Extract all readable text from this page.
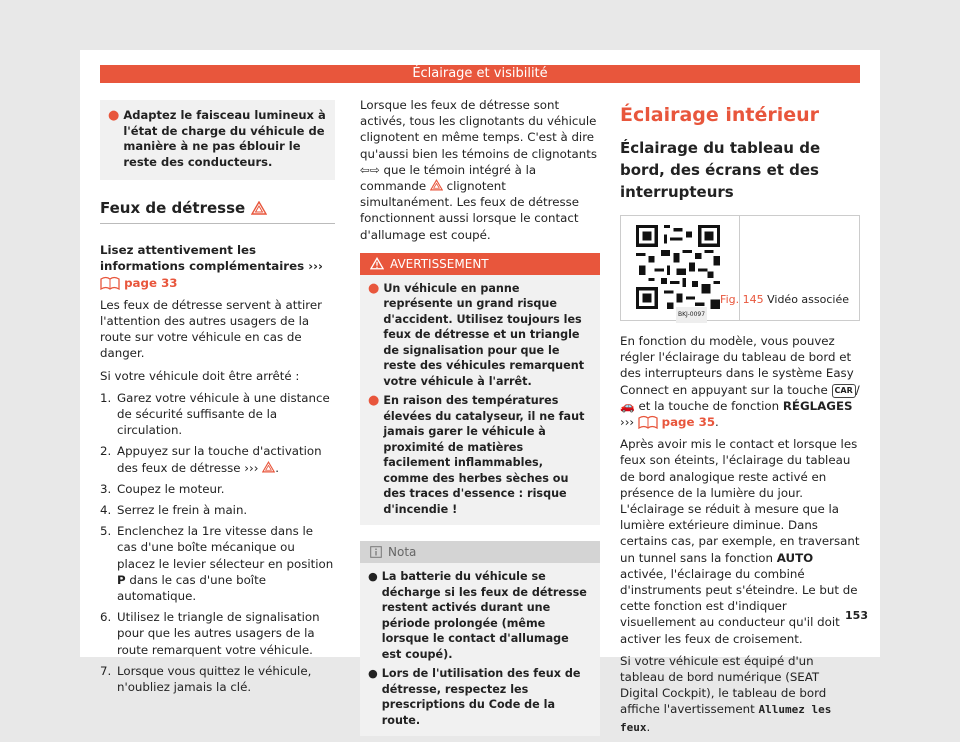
Éclairage et visibilité
● Adaptez le faisceau lumineux à l'état de charge du véhicule de manière à ne pas éblouir le reste des conducteurs.
Feux de détresse

Lisez attentivement les informations complémentaires ›››  page 33

Les feux de détresse servent à attirer l'attention des autres usagers de la route sur votre véhicule en cas de danger.

Si votre véhicule doit être arrêté :

1. Garez votre véhicule à une distance de sécurité suffisante de la circulation.
2. Appuyez sur la touche d'activation des feux de détresse ››› .
3. Coupez le moteur.
4. Serrez le frein à main.
5. Enclenchez la 1re vitesse dans le cas d'une boîte mécanique ou placez le levier sélecteur en position P dans le cas d'une boîte automatique.
6. Utilisez le triangle de signalisation pour que les autres usagers de la route remarquent votre véhicule.
7. Lorsque vous quittez le véhicule, n'oubliez jamais la clé.

Lorsque les feux de détresse sont activés, tous les clignotants du véhicule clignotent en même temps. C'est à dire qu'aussi bien les témoins de clignotants ⇦⇨ que le témoin intégré à la commande clignotent simultanément. Les feux de détresse fonctionnent aussi lorsque le contact d'allumage est coupé.

AVERTISSEMENT
● Un véhicule en panne représente un grand risque d'accident. Utilisez toujours les feux de détresse et un triangle de signalisation pour que le reste des véhicules remarquent votre véhicule à l'arrêt.
● En raison des températures élevées du catalyseur, il ne faut jamais garer le véhicule à proximité de matières facilement inflammables, comme des herbes sèches ou des traces d'essence : risque d'incendie !
Nota
● La batterie du véhicule se décharge si les feux de détresse restent activés durant une période prolongée (même lorsque le contact d'allumage est coupé).
● Lors de l'utilisation des feux de détresse, respectez les prescriptions du Code de la route.
Éclairage intérieur
Éclairage du tableau de bord, des écrans et des interrupteurs
BKJ-0097
Fig. 145 Vidéo associée

En fonction du modèle, vous pouvez régler l'éclairage du tableau de bord et des interrupteurs dans le système Easy Connect en appuyant sur la touche CAR / 🚗 et la touche de fonction RÉGLAGES ››› page 35.

Après avoir mis le contact et lorsque les feux son éteints, l'éclairage du tableau de bord analogique reste activé en présence de la lumière du jour. L'éclairage se réduit à mesure que la lumière extérieure diminue. Dans certains cas, par exemple, en traversant un tunnel sans la fonction AUTO activée, l'éclairage du combiné d'instruments peut s'éteindre. Le but de cette fonction est d'indiquer visuellement au conducteur qu'il doit activer les feux de croisement.

Si votre véhicule est équipé d'un tableau de bord numérique (SEAT Digital Cockpit), le tableau de bord affiche l'avertissement Allumez les feux.

153
